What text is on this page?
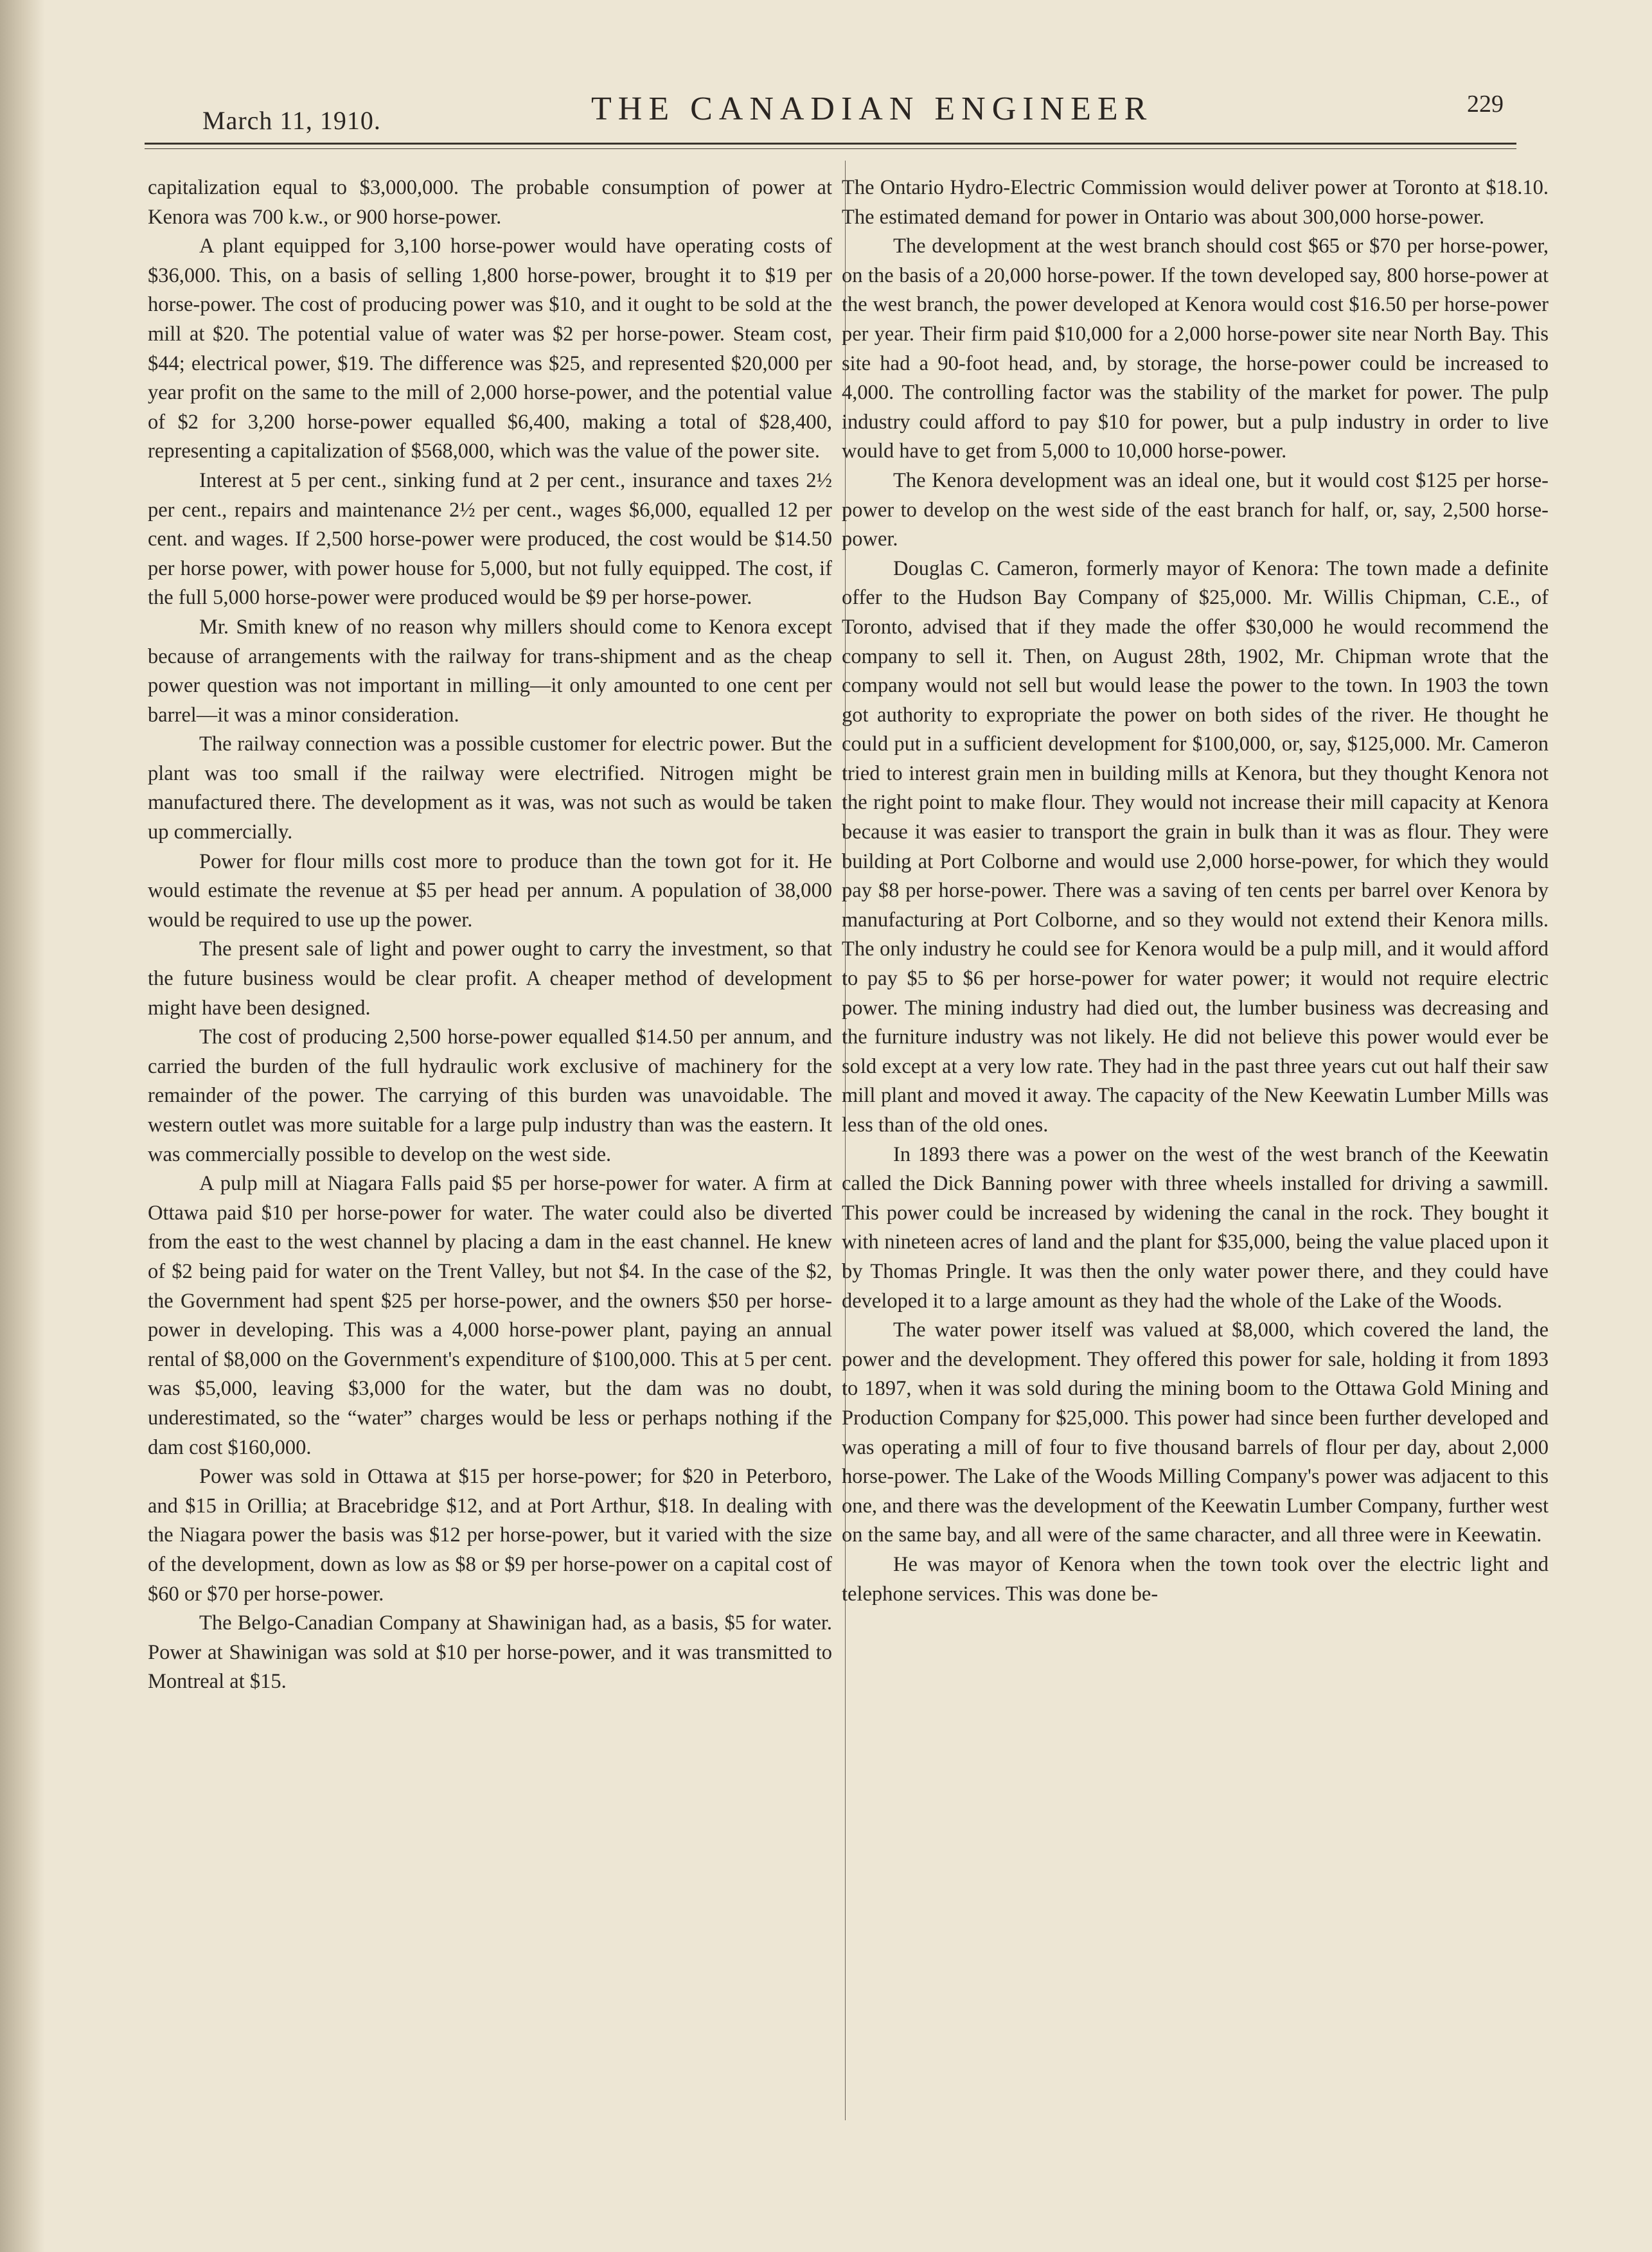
March 11, 1910.	THE CANADIAN ENGINEER	229

capitalization equal to $3,000,000. The probable consumption of power at Kenora was 700 k.w., or 900 horse-power.

A plant equipped for 3,100 horse-power would have operating costs of $36,000. This, on a basis of selling 1,800 horse-power, brought it to $19 per horse-power. The cost of producing power was $10, and it ought to be sold at the mill at $20. The potential value of water was $2 per horse-power. Steam cost, $44; electrical power, $19. The difference was $25, and represented $20,000 per year profit on the same to the mill of 2,000 horse-power, and the potential value of $2 for 3,200 horse-power equalled $6,400, making a total of $28,400, representing a capitalization of $568,000, which was the value of the power site.

Interest at 5 per cent., sinking fund at 2 per cent., insurance and taxes 2½ per cent., repairs and maintenance 2½ per cent., wages $6,000, equalled 12 per cent. and wages. If 2,500 horse-power were produced, the cost would be $14.50 per horse power, with power house for 5,000, but not fully equipped. The cost, if the full 5,000 horse-power were produced would be $9 per horse-power.

Mr. Smith knew of no reason why millers should come to Kenora except because of arrangements with the railway for trans-shipment and as the cheap power question was not important in milling—it only amounted to one cent per barrel—it was a minor consideration.

The railway connection was a possible customer for electric power. But the plant was too small if the railway were electrified. Nitrogen might be manufactured there. The development as it was, was not such as would be taken up commercially.

Power for flour mills cost more to produce than the town got for it. He would estimate the revenue at $5 per head per annum. A population of 38,000 would be required to use up the power.

The present sale of light and power ought to carry the investment, so that the future business would be clear profit. A cheaper method of development might have been designed.

The cost of producing 2,500 horse-power equalled $14.50 per annum, and carried the burden of the full hydraulic work exclusive of machinery for the remainder of the power. The carrying of this burden was unavoidable. The western outlet was more suitable for a large pulp industry than was the eastern. It was commercially possible to develop on the west side.

A pulp mill at Niagara Falls paid $5 per horse-power for water. A firm at Ottawa paid $10 per horse-power for water. The water could also be diverted from the east to the west channel by placing a dam in the east channel. He knew of $2 being paid for water on the Trent Valley, but not $4. In the case of the $2, the Government had spent $25 per horse-power, and the owners $50 per horse-power in developing. This was a 4,000 horse-power plant, paying an annual rental of $8,000 on the Government's expenditure of $100,000. This at 5 per cent. was $5,000, leaving $3,000 for the water, but the dam was no doubt, underestimated, so the “water” charges would be less or perhaps nothing if the dam cost $160,000.

Power was sold in Ottawa at $15 per horse-power; for $20 in Peterboro, and $15 in Orillia; at Bracebridge $12, and at Port Arthur, $18. In dealing with the Niagara power the basis was $12 per horse-power, but it varied with the size of the development, down as low as $8 or $9 per horse-power on a capital cost of $60 or $70 per horse-power.

The Belgo-Canadian Company at Shawinigan had, as a basis, $5 for water. Power at Shawinigan was sold at $10 per horse-power, and it was transmitted to Montreal at $15.

The Ontario Hydro-Electric Commission would deliver power at Toronto at $18.10. The estimated demand for power in Ontario was about 300,000 horse-power.

The development at the west branch should cost $65 or $70 per horse-power, on the basis of a 20,000 horse-power. If the town developed say, 800 horse-power at the west branch, the power developed at Kenora would cost $16.50 per horse-power per year. Their firm paid $10,000 for a 2,000 horse-power site near North Bay. This site had a 90-foot head, and, by storage, the horse-power could be increased to 4,000. The controlling factor was the stability of the market for power. The pulp industry could afford to pay $10 for power, but a pulp industry in order to live would have to get from 5,000 to 10,000 horse-power.

The Kenora development was an ideal one, but it would cost $125 per horse-power to develop on the west side of the east branch for half, or, say, 2,500 horse-power.

Douglas C. Cameron, formerly mayor of Kenora: The town made a definite offer to the Hudson Bay Company of $25,000. Mr. Willis Chipman, C.E., of Toronto, advised that if they made the offer $30,000 he would recommend the company to sell it. Then, on August 28th, 1902, Mr. Chipman wrote that the company would not sell but would lease the power to the town. In 1903 the town got authority to expropriate the power on both sides of the river. He thought he could put in a sufficient development for $100,000, or, say, $125,000. Mr. Cameron tried to interest grain men in building mills at Kenora, but they thought Kenora not the right point to make flour. They would not increase their mill capacity at Kenora because it was easier to transport the grain in bulk than it was as flour. They were building at Port Colborne and would use 2,000 horse-power, for which they would pay $8 per horse-power. There was a saving of ten cents per barrel over Kenora by manufacturing at Port Colborne, and so they would not extend their Kenora mills. The only industry he could see for Kenora would be a pulp mill, and it would afford to pay $5 to $6 per horse-power for water power; it would not require electric power. The mining industry had died out, the lumber business was decreasing and the furniture industry was not likely. He did not believe this power would ever be sold except at a very low rate. They had in the past three years cut out half their saw mill plant and moved it away. The capacity of the New Keewatin Lumber Mills was less than of the old ones.

In 1893 there was a power on the west of the west branch of the Keewatin called the Dick Banning power with three wheels installed for driving a sawmill. This power could be increased by widening the canal in the rock. They bought it with nineteen acres of land and the plant for $35,000, being the value placed upon it by Thomas Pringle. It was then the only water power there, and they could have developed it to a large amount as they had the whole of the Lake of the Woods.

The water power itself was valued at $8,000, which covered the land, the power and the development. They offered this power for sale, holding it from 1893 to 1897, when it was sold during the mining boom to the Ottawa Gold Mining and Production Company for $25,000. This power had since been further developed and was operating a mill of four to five thousand barrels of flour per day, about 2,000 horse-power. The Lake of the Woods Milling Company's power was adjacent to this one, and there was the development of the Keewatin Lumber Company, further west on the same bay, and all were of the same character, and all three were in Keewatin.

He was mayor of Kenora when the town took over the electric light and telephone services. This was done be-
